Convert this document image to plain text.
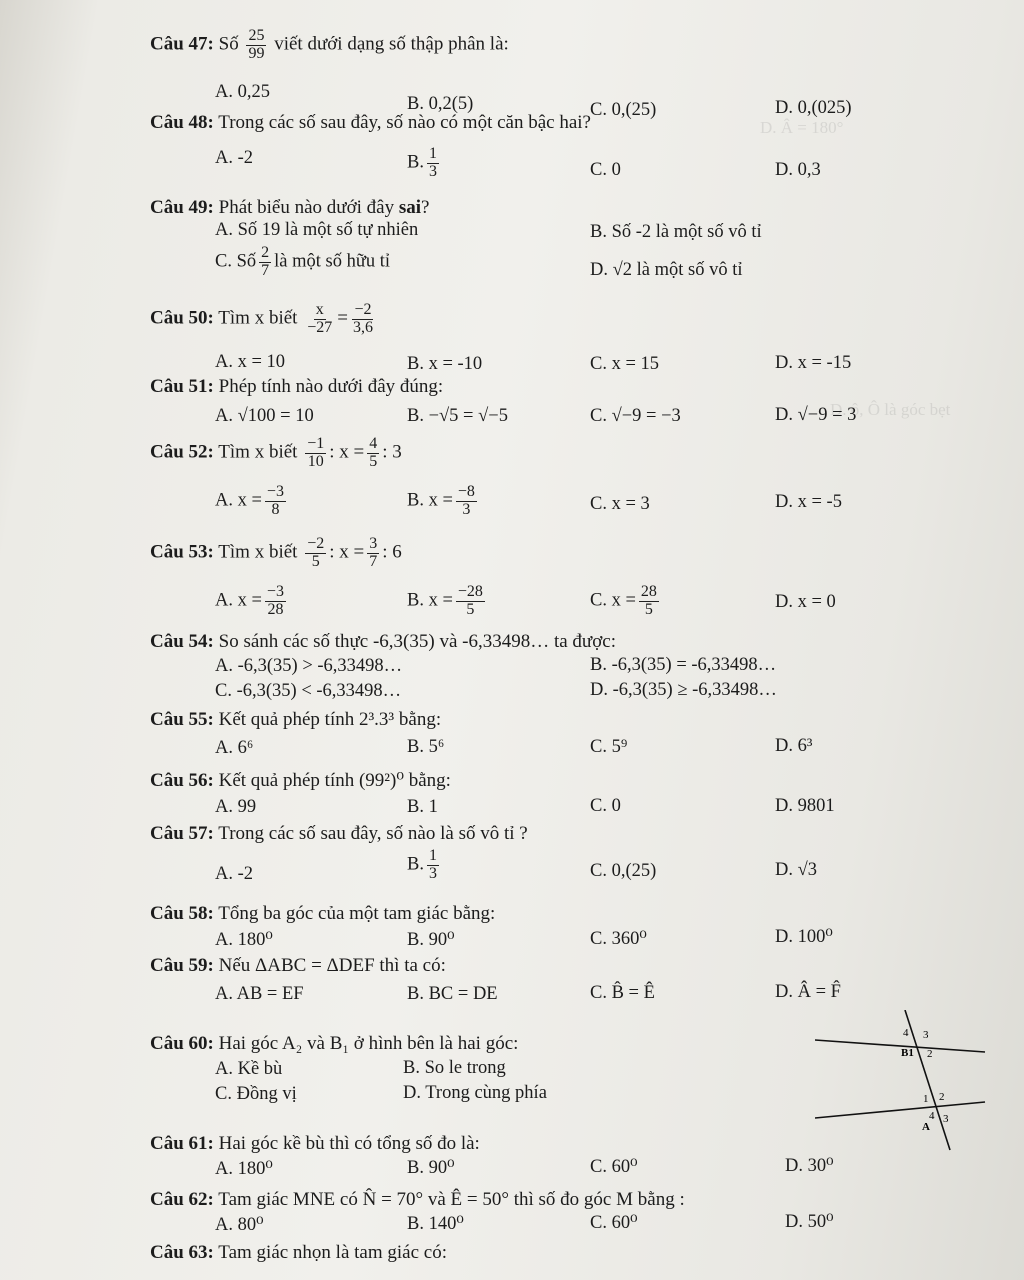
D. Â = 180°
D. ô, Ô là góc bẹt
Câu 47: Số $\frac{25}{99}$ viết dưới dạng số thập phân là:
A. 0,25
B. 0,2(5)	C. 0,(25)	D. 0,(025)
Câu 48: Trong các số sau đây, số nào có một căn bậc hai?
A. -2	B. $\frac{1}{3}$	C. 0	D. 0,3
Câu 49: Phát biểu nào dưới đây sai?
A. Số 19 là một số tự nhiên	B. Số -2 là một số vô tỉ
C. Số $\frac{2}{7}$ là một số hữu tỉ	D. √2 là một số vô tỉ
Câu 50: Tìm x biết $\frac{x}{-27} = \frac{-2}{3,6}$
A. x = 10	B. x = -10	C. x = 15	D. x = -15
Câu 51: Phép tính nào dưới đây đúng:
A. √100 = 10	B. −√5 = √−5	C. √−9 = −3	D. √−9 = 3
Câu 52: Tìm x biết $\frac{-1}{10}$ : $x = \frac{4}{5}$ : 3
A. $x = \frac{-3}{8}$	B. $x = \frac{-8}{3}$	C. x = 3	D. x = -5
Câu 53: Tìm x biết $\frac{-2}{5}$ : $x = \frac{3}{7}$ : 6
A. $x = \frac{-3}{28}$	B. $x = \frac{-28}{5}$	C. $x = \frac{28}{5}$	D. x = 0
Câu 54: So sánh các số thực -6,3(35) và -6,33498… ta được:
A. -6,3(35) > -6,33498…	B. -6,3(35) = -6,33498…
C. -6,3(35) < -6,33498…	D. -6,3(35) ≥ -6,33498…
Câu 55: Kết quả phép tính 2³.3³ bằng:
A. 6⁶	B. 5⁶	C. 5⁹	D. 6³
Câu 56: Kết quả phép tính (99²)⁰ bằng:
A. 99	B. 1	C. 0	D. 9801
Câu 57: Trong các số sau đây, số nào là số vô tỉ ?
A. -2	B. $\frac{1}{3}$	C. 0,(25)	D. √3
Câu 58: Tổng ba góc của một tam giác bằng:
A. 180⁰	B. 90⁰	C. 360⁰	D. 100⁰
Câu 59: Nếu ΔABC = ΔDEF thì ta có:
A. AB = EF	B. BC = DE	C. B̂ = Ê	D. Â = F̂
Câu 60: Hai góc A₂ và B₁ ở hình bên là hai góc:
A. Kề bù	B. So le trong
C. Đồng vị	D. Trong cùng phía
4 3
B1 2
1 2
4 3
A
Câu 61: Hai góc kề bù thì có tổng số đo là:
A. 180⁰	B. 90⁰	C. 60⁰	D. 30⁰
Câu 62: Tam giác MNE có N̂ = 70° và Ê = 50° thì số đo góc M bằng :
A. 80⁰	B. 140⁰	C. 60⁰	D. 50⁰
Câu 63: Tam giác nhọn là tam giác có:
